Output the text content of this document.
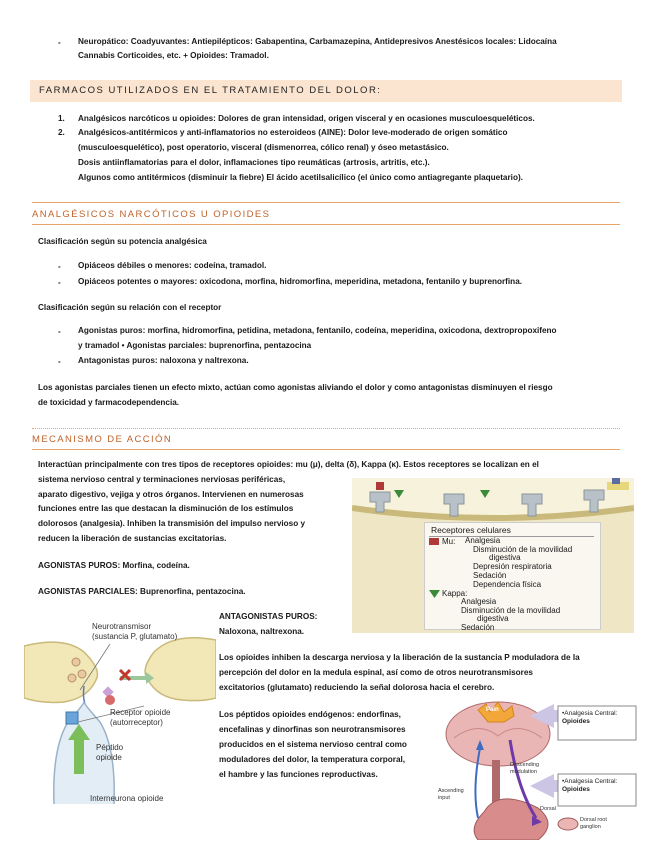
- Neuropático: Coadyuvantes: Antiepilépticos: Gabapentina, Carbamazepina, Antidepresivos Anestésicos locales: Lidocaína
Cannabis Corticoides, etc. + Opioides: Tramadol.
FARMACOS UTILIZADOS EN EL TRATAMIENTO DEL DOLOR:
1. Analgésicos narcóticos u opioides: Dolores de gran intensidad, origen visceral y en ocasiones musculoesqueléticos.
2. Analgésicos-antitérmicos y anti-inflamatorios no esteroideos (AINE): Dolor leve-moderado de origen somático
(musculoesquelético), post operatorio, visceral (dismenorrea, cólico renal) y óseo metastásico.
Dosis antiinflamatorias para el dolor, inflamaciones tipo reumáticas (artrosis, artritis, etc.).
Algunos como antitérmicos (disminuir la fiebre) El ácido acetilsalicílico (el único como antiagregante plaquetario).
ANALGÉSICOS NARCÓTICOS U OPIOIDES
Clasificación según su potencia analgésica
- Opiáceos débiles o menores: codeína, tramadol.
- Opiáceos potentes o mayores: oxicodona, morfina, hidromorfina, meperidina, metadona, fentanilo y buprenorfina.
Clasificación según su relación con el receptor
- Agonistas puros: morfina, hidromorfina, petidina, metadona, fentanilo, codeína, meperidina, oxicodona, dextropropoxifeno
y tramadol • Agonistas parciales: buprenorfina, pentazocina
- Antagonistas puros: naloxona y naltrexona.
Los agonistas parciales tienen un efecto mixto, actúan como agonistas aliviando el dolor y como antagonistas disminuyen el riesgo
de toxicidad y farmacodependencia.
MECANISMO DE ACCIÓN
Interactúan principalmente con tres tipos de receptores opioides: mu (μ), delta (δ), Kappa (κ). Estos receptores se localizan en el
sistema nervioso central y terminaciones nerviosas periféricas,
aparato digestivo, vejiga y otros órganos. Intervienen en numerosas
funciones entre las que destacan la disminución de los estímulos
dolorosos (analgesia). Inhiben la transmisión del impulso nervioso y
reducen la liberación de sustancias excitatorias.
AGONISTAS PUROS: Morfina, codeína.
AGONISTAS PARCIALES: Buprenorfina, pentazocina.
ANTAGONISTAS PUROS:
Naloxona, naltrexona.
Los opioides inhiben la descarga nerviosa y la liberación de la sustancia P moduladora de la
percepción del dolor en la medula espinal, así como de otros neurotransmisores
excitatorios (glutamato) reduciendo la señal dolorosa hacia el cerebro.
Los péptidos opioides endógenos: endorfinas,
encefalinas y dinorfinas son neurotransmisores
producidos en el sistema nervioso central como
moduladores del dolor, la temperatura corporal,
el hambre y las funciones reproductivas.
Receptores celulares
Mu: Analgesia
Disminución de la movilidad
digestiva
Depresión respiratoria
Sedación
Dependencia física
Kappa:
Analgesia
Disminución de la movilidad
digestiva
Sedación
Neurotransmisor
(sustancia P, glutamato)
Receptor opioide
(autorreceptor)
Péptido
opioide
Interneurona opioide
Pain	•Analgesia Central:
Opioides
•Analgesia Central:
Opioides
Descending
modulation
Ascending
input
Dorsal
Dorsal root
ganglion
